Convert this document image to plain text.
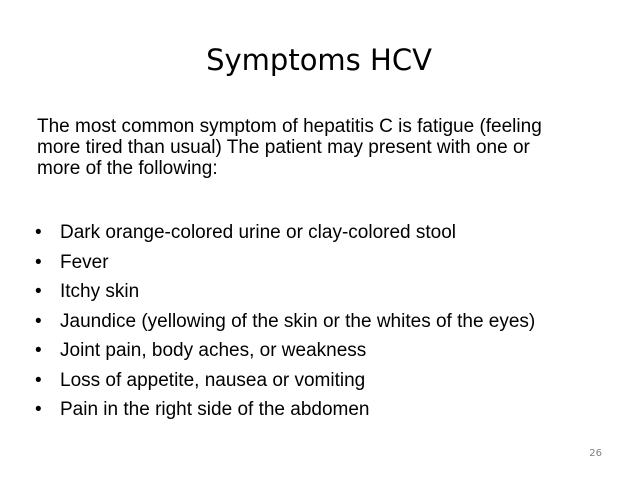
Symptoms HCV
The most common symptom of hepatitis C is fatigue (feeling
more tired than usual) The patient may present with one or
more of the following:
• Dark orange-colored urine or clay-colored stool
• Fever
• Itchy skin
• Jaundice (yellowing of the skin or the whites of the eyes)
• Joint pain, body aches, or weakness
• Loss of appetite, nausea or vomiting
• Pain in the right side of the abdomen
26
